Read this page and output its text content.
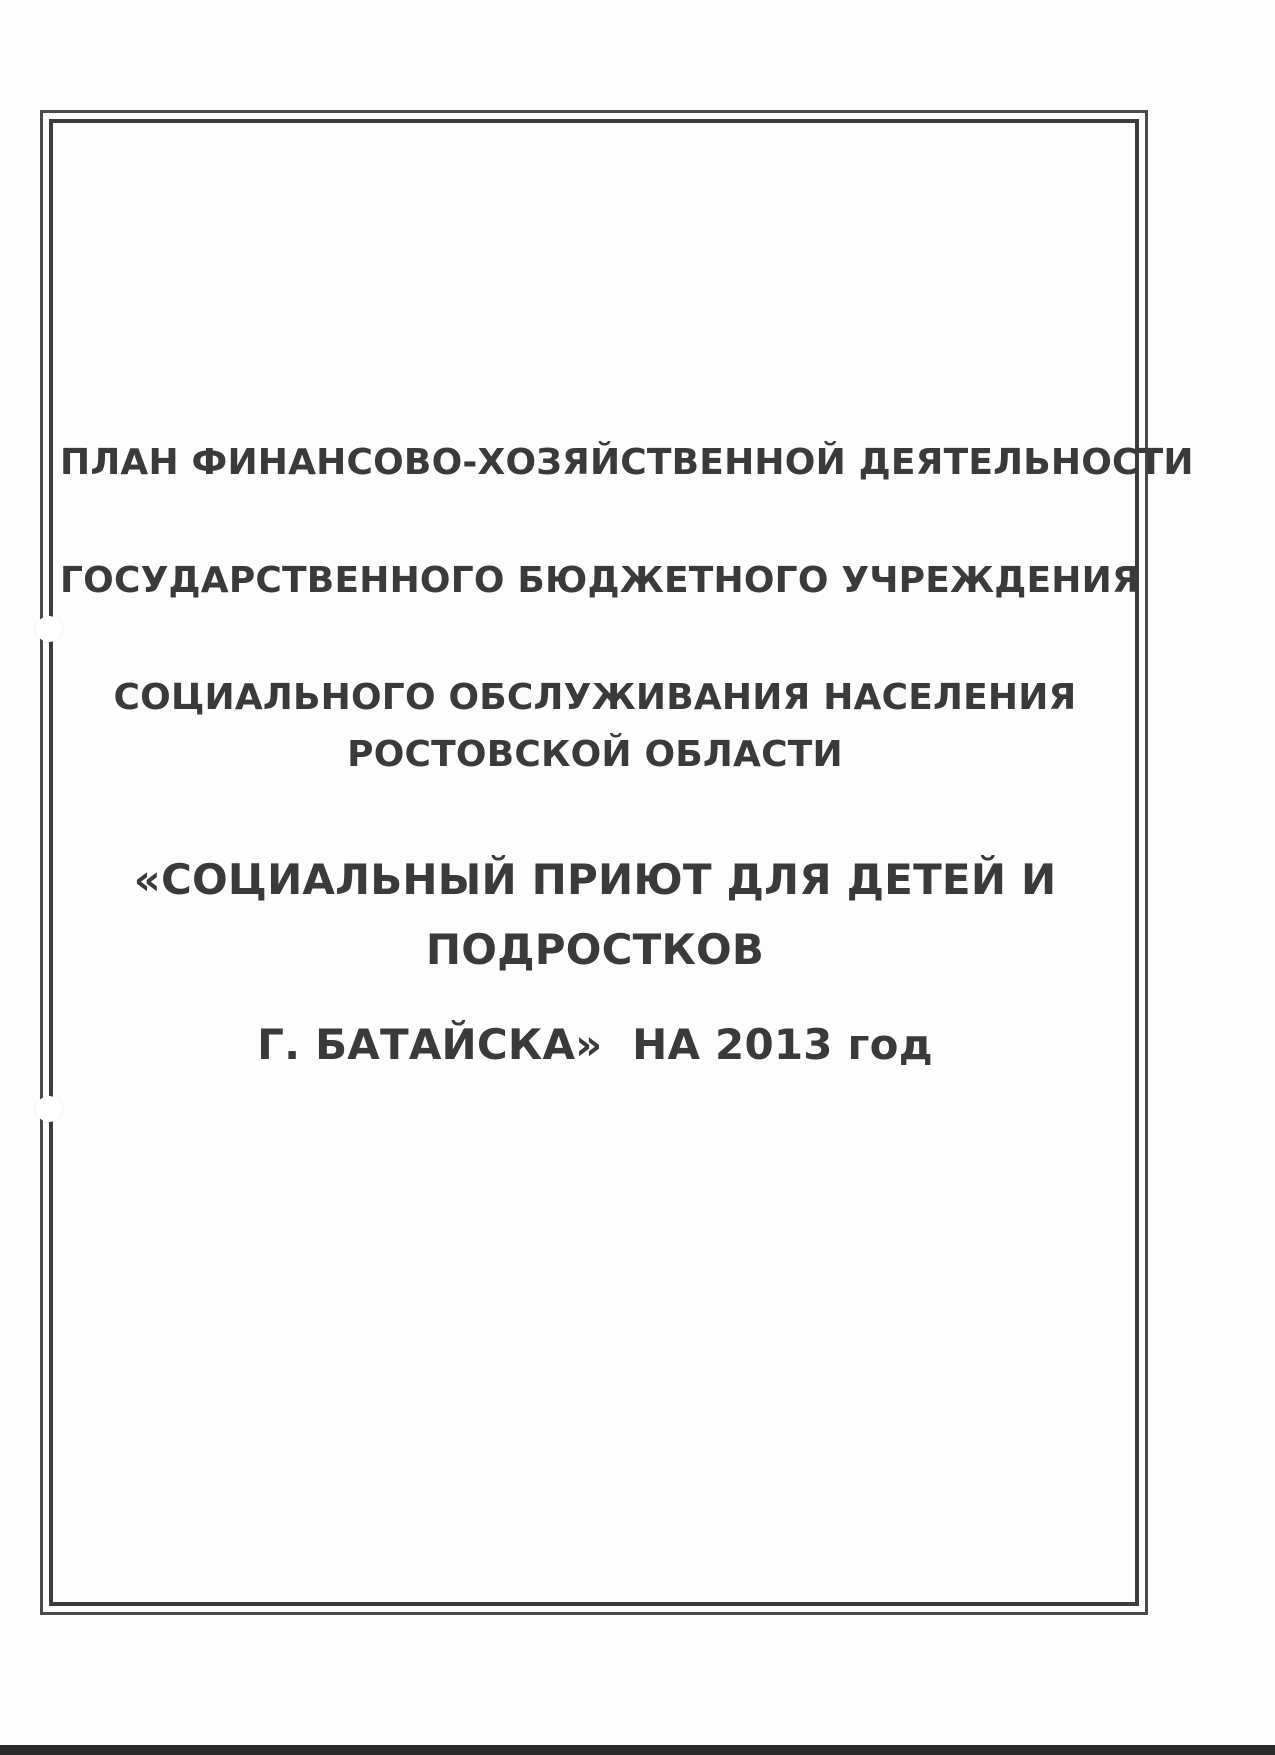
ПЛАН ФИНАНСОВО-ХОЗЯЙСТВЕННОЙ ДЕЯТЕЛЬНОСТИ
ГОСУДАРСТВЕННОГО БЮДЖЕТНОГО УЧРЕЖДЕНИЯ
СОЦИАЛЬНОГО ОБСЛУЖИВАНИЯ НАСЕЛЕНИЯ
РОСТОВСКОЙ ОБЛАСТИ
«СОЦИАЛЬНЫЙ ПРИЮТ ДЛЯ ДЕТЕЙ И
ПОДРОСТКОВ
Г. БАТАЙСКА»  НА 2013 год
